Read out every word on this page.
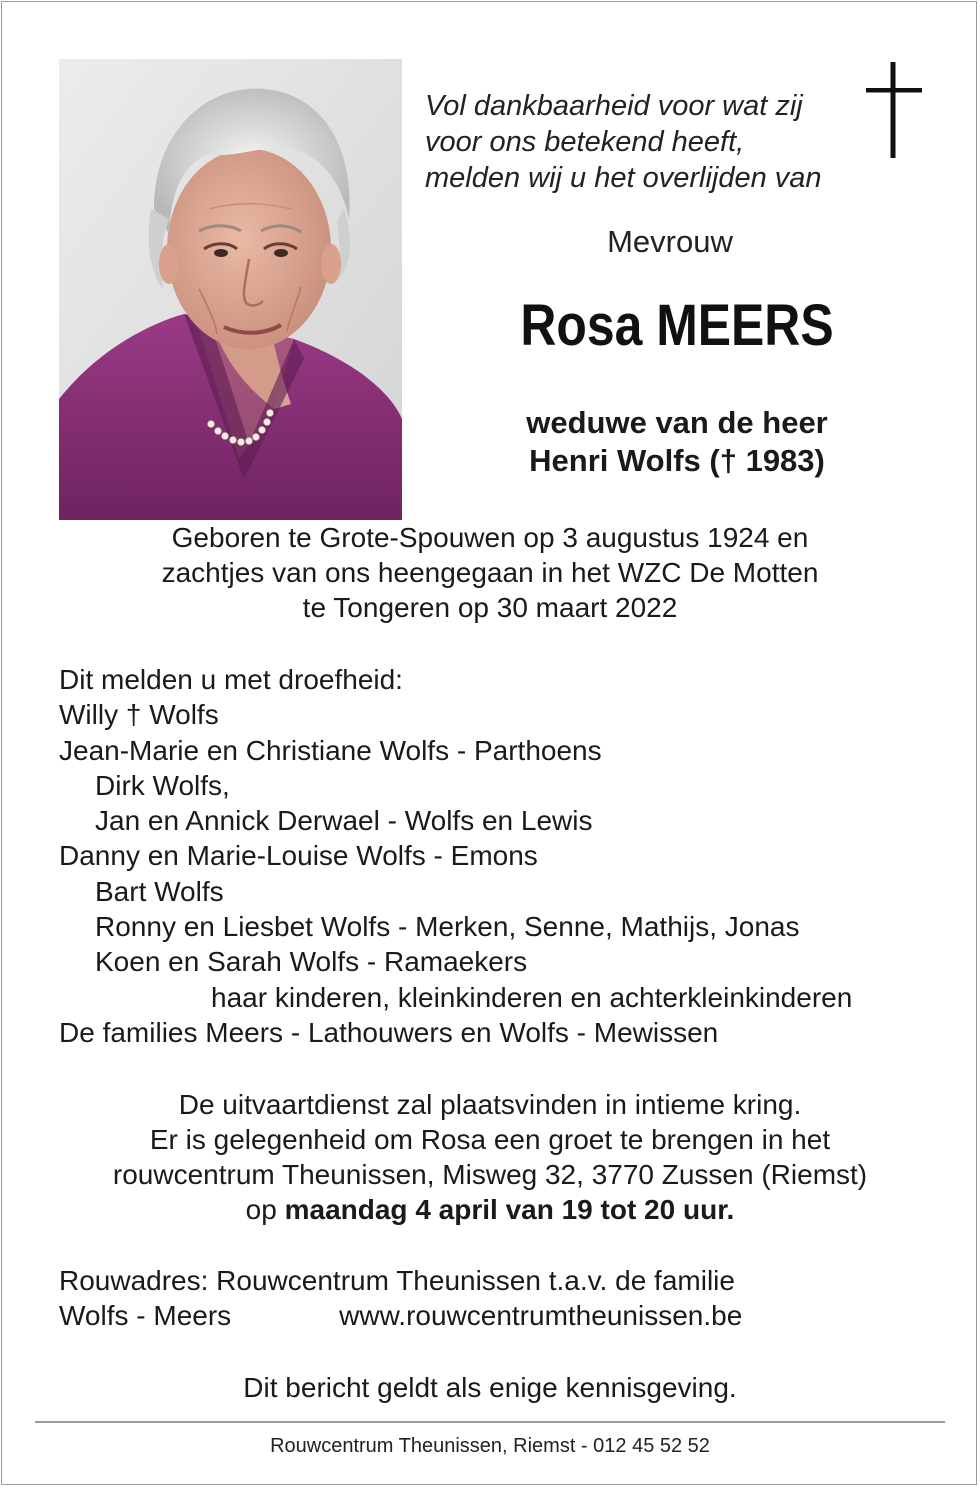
Vol dankbaarheid voor wat zij
voor ons betekend heeft,
melden wij u het overlijden van
Mevrouw
Rosa MEERS
weduwe van de heer
Henri Wolfs († 1983)
Geboren te Grote-Spouwen op 3 augustus 1924 en
zachtjes van ons heengegaan in het WZC De Motten
te Tongeren op 30 maart 2022
Dit melden u met droefheid:
Willy † Wolfs
Jean-Marie en Christiane Wolfs - Parthoens
Dirk Wolfs,
Jan en Annick Derwael - Wolfs en Lewis
Danny en Marie-Louise Wolfs - Emons
Bart Wolfs
Ronny en Liesbet Wolfs - Merken, Senne, Mathijs, Jonas
Koen en Sarah Wolfs - Ramaekers
haar kinderen, kleinkinderen en achterkleinkinderen
De families Meers - Lathouwers en Wolfs - Mewissen
De uitvaartdienst zal plaatsvinden in intieme kring.
Er is gelegenheid om Rosa een groet te brengen in het
rouwcentrum Theunissen, Misweg 32, 3770 Zussen (Riemst)
op maandag 4 april van 19 tot 20 uur.
Rouwadres: Rouwcentrum Theunissen t.a.v. de familie
Wolfs - Meers	www.rouwcentrumtheunissen.be
Dit bericht geldt als enige kennisgeving.
Rouwcentrum Theunissen, Riemst - 012 45 52 52
